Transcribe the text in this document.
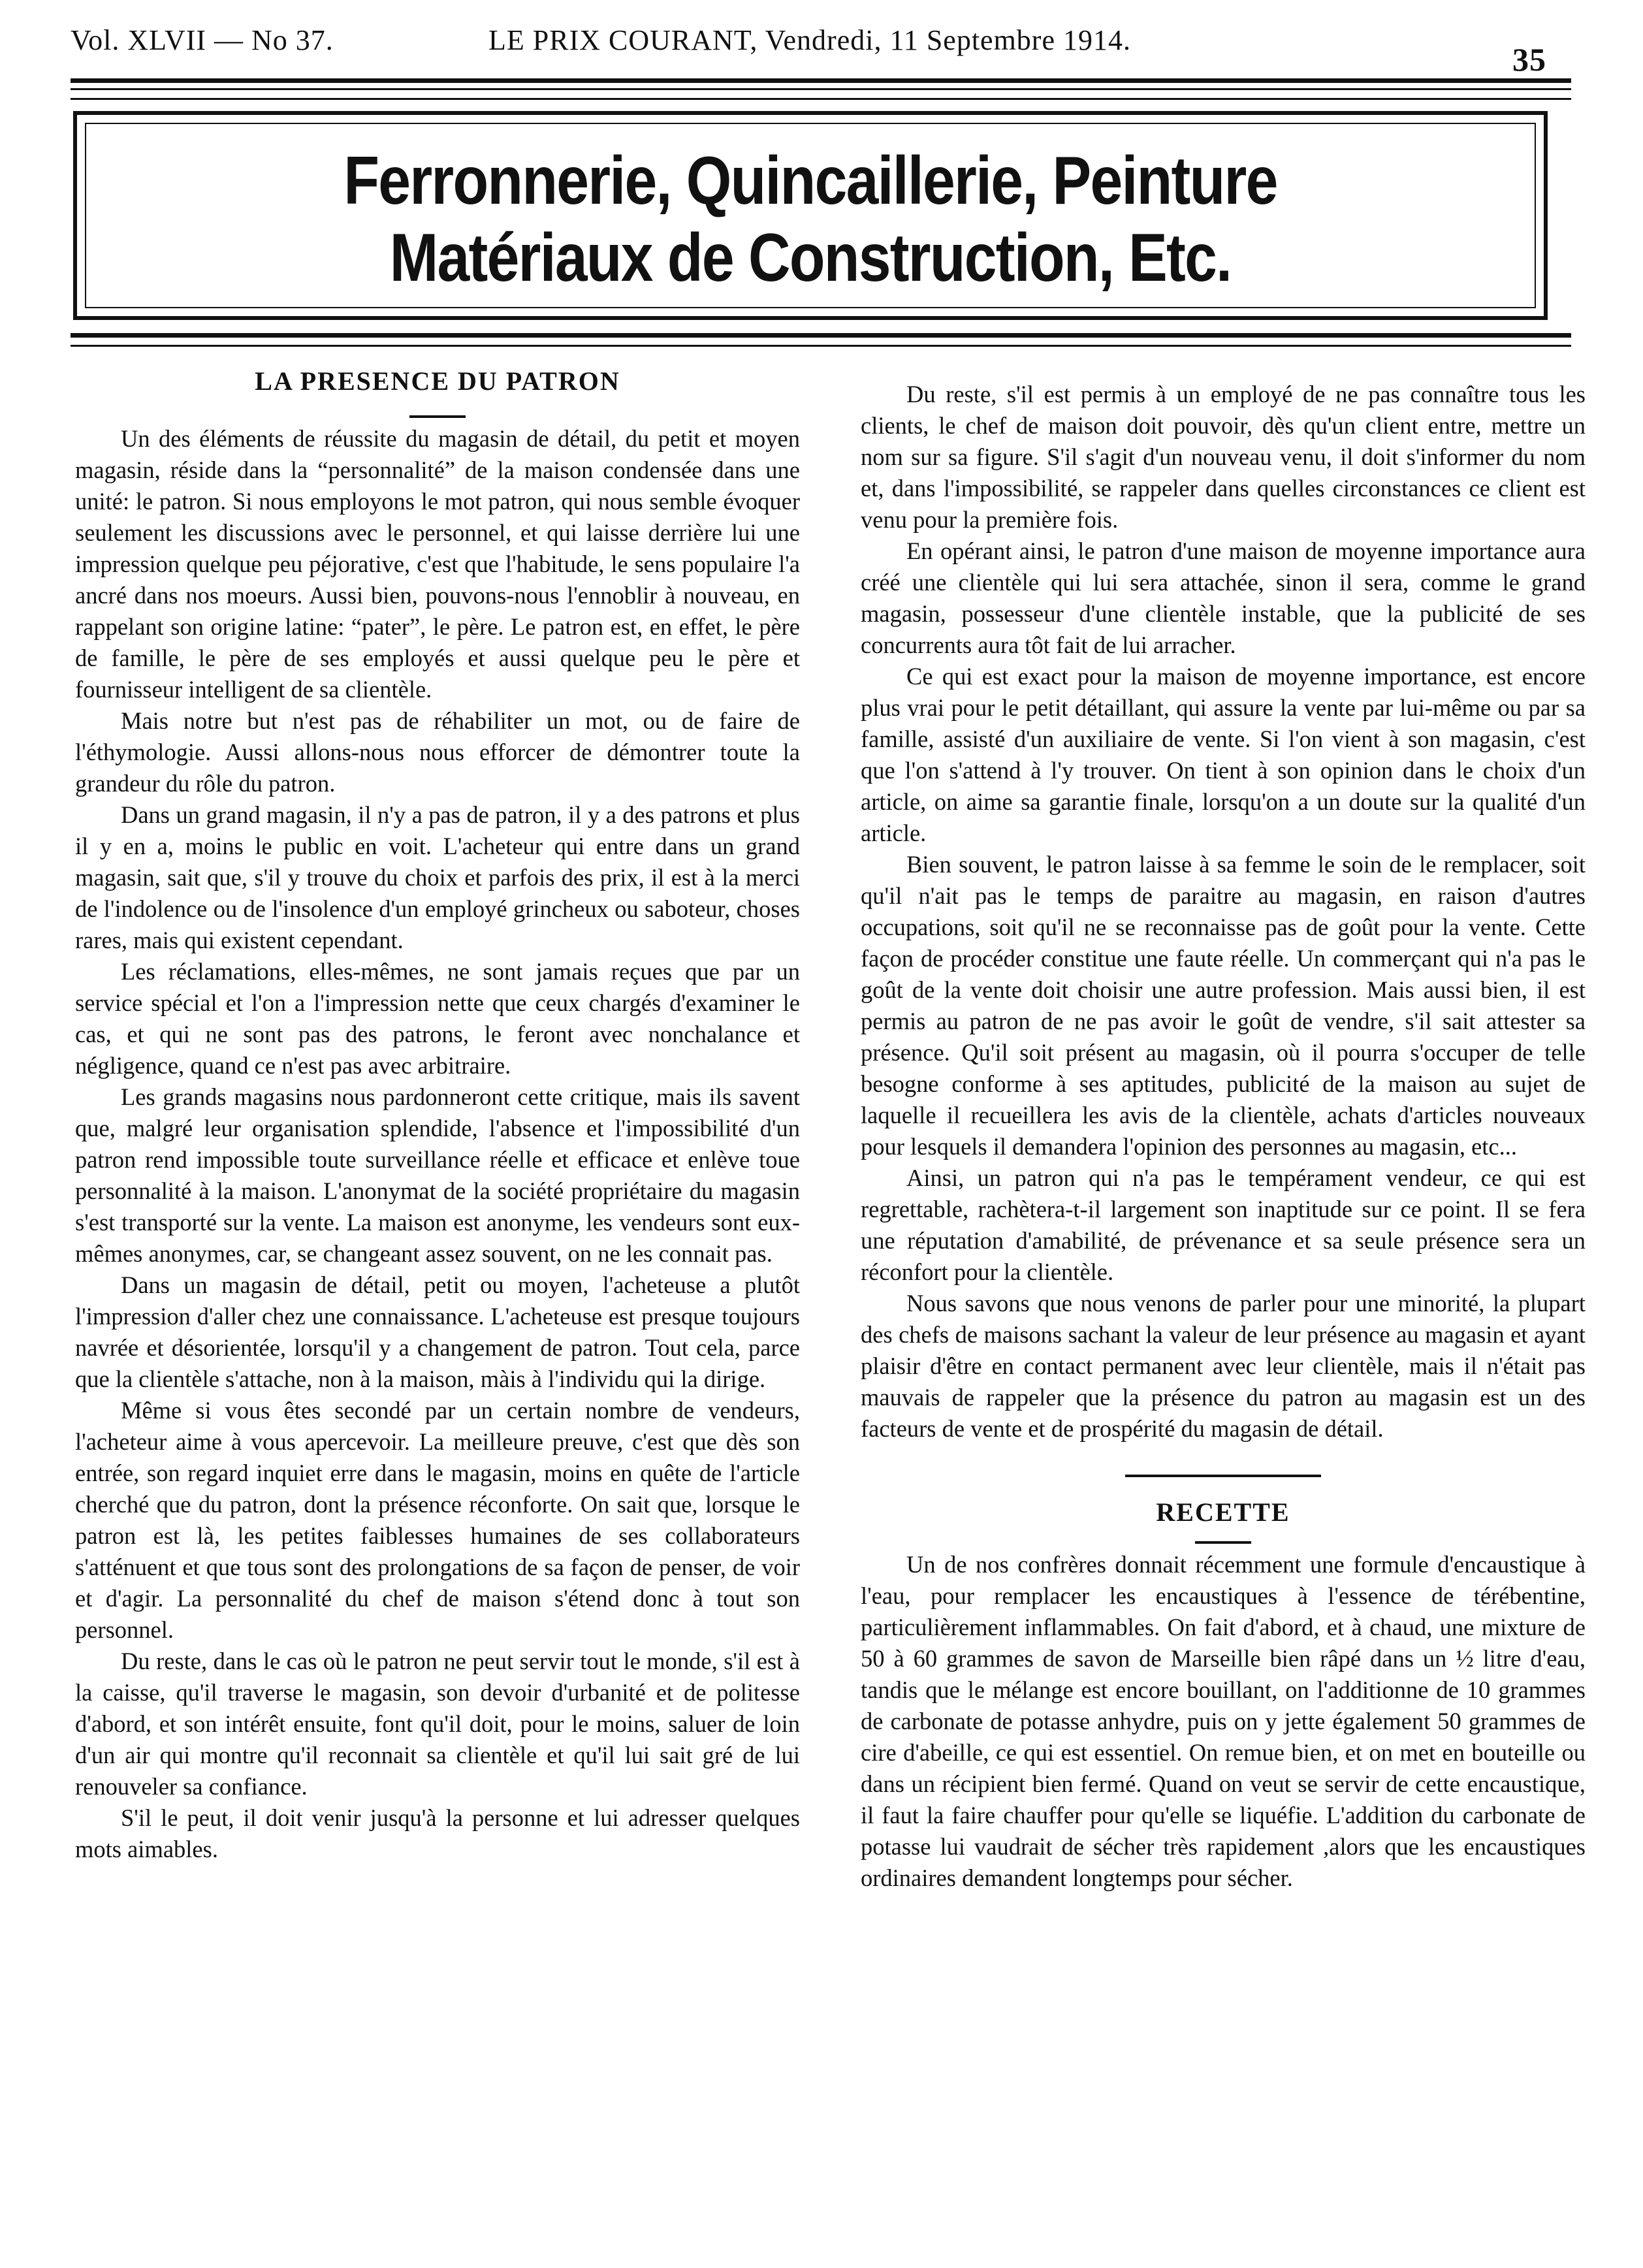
Vol. XLVII — No 37.	LE PRIX COURANT, Vendredi, 11 Septembre 1914.
35
Ferronnerie, Quincaillerie, Peinture
Matériaux de Construction, Etc.
LA PRESENCE DU PATRON

Un des éléments de réussite du magasin de détail, du petit et moyen magasin, réside dans la “personnalité” de la maison condensée dans une unité: le patron. Si nous employons le mot patron, qui nous semble évoquer seulement les discussions avec le personnel, et qui laisse derrière lui une impression quelque peu péjorative, c'est que l'habitude, le sens populaire l'a ancré dans nos moeurs. Aussi bien, pouvons-nous l'ennoblir à nouveau, en rappelant son origine latine: “pater”, le père. Le patron est, en effet, le père de famille, le père de ses employés et aussi quelque peu le père et fournisseur intelligent de sa clientèle.

Mais notre but n'est pas de réhabiliter un mot, ou de faire de l'éthymologie. Aussi allons-nous nous efforcer de démontrer toute la grandeur du rôle du patron.

Dans un grand magasin, il n'y a pas de patron, il y a des patrons et plus il y en a, moins le public en voit. L'acheteur qui entre dans un grand magasin, sait que, s'il y trouve du choix et parfois des prix, il est à la merci de l'indolence ou de l'insolence d'un employé grincheux ou saboteur, choses rares, mais qui existent cependant.

Les réclamations, elles-mêmes, ne sont jamais reçues que par un service spécial et l'on a l'impression nette que ceux chargés d'examiner le cas, et qui ne sont pas des patrons, le feront avec nonchalance et négligence, quand ce n'est pas avec arbitraire.

Les grands magasins nous pardonneront cette critique, mais ils savent que, malgré leur organisation splendide, l'absence et l'impossibilité d'un patron rend impossible toute surveillance réelle et efficace et enlève toue personnalité à la maison. L'anonymat de la société propriétaire du magasin s'est transporté sur la vente. La maison est anonyme, les vendeurs sont eux-mêmes anonymes, car, se changeant assez souvent, on ne les connait pas.

Dans un magasin de détail, petit ou moyen, l'acheteuse a plutôt l'impression d'aller chez une connaissance. L'acheteuse est presque toujours navrée et désorientée, lorsqu'il y a changement de patron. Tout cela, parce que la clientèle s'attache, non à la maison, màis à l'individu qui la dirige.

Même si vous êtes secondé par un certain nombre de vendeurs, l'acheteur aime à vous apercevoir. La meilleure preuve, c'est que dès son entrée, son regard inquiet erre dans le magasin, moins en quête de l'article cherché que du patron, dont la présence réconforte. On sait que, lorsque le patron est là, les petites faiblesses humaines de ses collaborateurs s'atténuent et que tous sont des prolongations de sa façon de penser, de voir et d'agir. La personnalité du chef de maison s'étend donc à tout son personnel.

Du reste, dans le cas où le patron ne peut servir tout le monde, s'il est à la caisse, qu'il traverse le magasin, son devoir d'urbanité et de politesse d'abord, et son intérêt ensuite, font qu'il doit, pour le moins, saluer de loin d'un air qui montre qu'il reconnait sa clientèle et qu'il lui sait gré de lui renouveler sa confiance.

S'il le peut, il doit venir jusqu'à la personne et lui adresser quelques mots aimables.

Du reste, s'il est permis à un employé de ne pas connaître tous les clients, le chef de maison doit pouvoir, dès qu'un client entre, mettre un nom sur sa figure. S'il s'agit d'un nouveau venu, il doit s'informer du nom et, dans l'impossibilité, se rappeler dans quelles circonstances ce client est venu pour la première fois.

En opérant ainsi, le patron d'une maison de moyenne importance aura créé une clientèle qui lui sera attachée, sinon il sera, comme le grand magasin, possesseur d'une clientèle instable, que la publicité de ses concurrents aura tôt fait de lui arracher.

Ce qui est exact pour la maison de moyenne importance, est encore plus vrai pour le petit détaillant, qui assure la vente par lui-même ou par sa famille, assisté d'un auxiliaire de vente. Si l'on vient à son magasin, c'est que l'on s'attend à l'y trouver. On tient à son opinion dans le choix d'un article, on aime sa garantie finale, lorsqu'on a un doute sur la qualité d'un article.

Bien souvent, le patron laisse à sa femme le soin de le remplacer, soit qu'il n'ait pas le temps de paraitre au magasin, en raison d'autres occupations, soit qu'il ne se reconnaisse pas de goût pour la vente. Cette façon de procéder constitue une faute réelle. Un commerçant qui n'a pas le goût de la vente doit choisir une autre profession. Mais aussi bien, il est permis au patron de ne pas avoir le goût de vendre, s'il sait attester sa présence. Qu'il soit présent au magasin, où il pourra s'occuper de telle besogne conforme à ses aptitudes, publicité de la maison au sujet de laquelle il recueillera les avis de la clientèle, achats d'articles nouveaux pour lesquels il demandera l'opinion des personnes au magasin, etc...

Ainsi, un patron qui n'a pas le tempérament vendeur, ce qui est regrettable, rachètera-t-il largement son inaptitude sur ce point. Il se fera une réputation d'amabilité, de prévenance et sa seule présence sera un réconfort pour la clientèle.

Nous savons que nous venons de parler pour une minorité, la plupart des chefs de maisons sachant la valeur de leur présence au magasin et ayant plaisir d'être en contact permanent avec leur clientèle, mais il n'était pas mauvais de rappeler que la présence du patron au magasin est un des facteurs de vente et de prospérité du magasin de détail.

RECETTE

Un de nos confrères donnait récemment une formule d'encaustique à l'eau, pour remplacer les encaustiques à l'essence de térébentine, particulièrement inflammables. On fait d'abord, et à chaud, une mixture de 50 à 60 grammes de savon de Marseille bien râpé dans un ½ litre d'eau, tandis que le mélange est encore bouillant, on l'additionne de 10 grammes de carbonate de potasse anhydre, puis on y jette également 50 grammes de cire d'abeille, ce qui est essentiel. On remue bien, et on met en bouteille ou dans un récipient bien fermé. Quand on veut se servir de cette encaustique, il faut la faire chauffer pour qu'elle se liquéfie. L'addition du carbonate de potasse lui vaudrait de sécher très rapidement ,alors que les encaustiques ordinaires demandent longtemps pour sécher.
